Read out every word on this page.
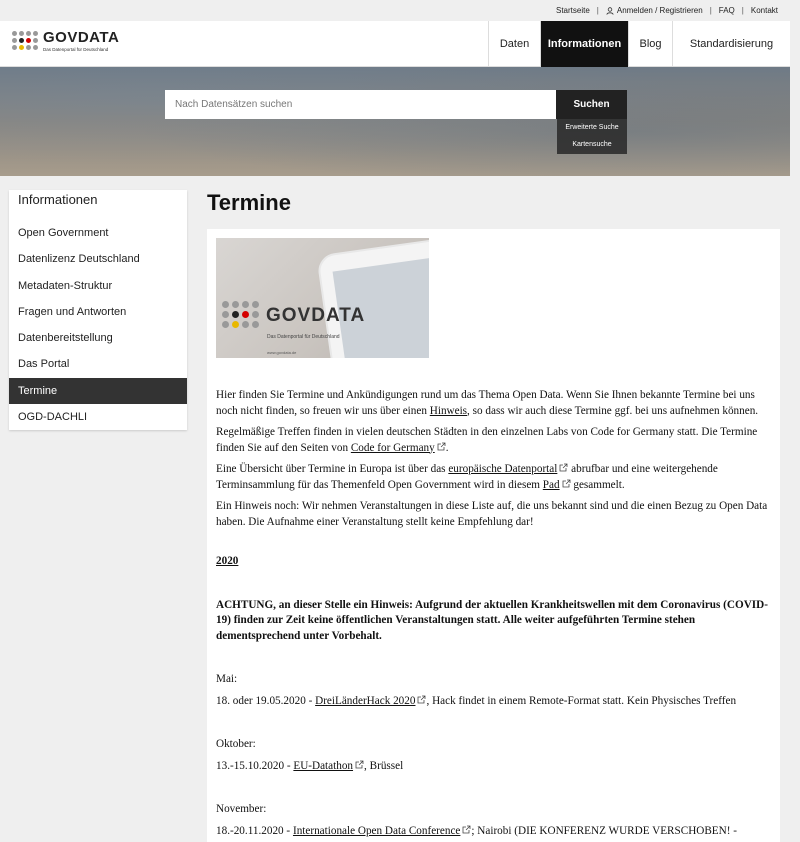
Startseite |	Anmelden / Registrieren | FAQ | Kontakt
GOVDATA
Das Datenportal für Deutschland	Daten	Informationen	Blog	Standardisierung
Nach Datensätzen suchen	Suchen
Erweiterte Suche
Kartensuche
Informationen
Open Government
Datenlizenz Deutschland
Metadaten-Struktur
Fragen und Antworten
Datenbereitstellung
Das Portal
Termine
OGD-DACHLI
Termine
GOVDATA
Das Datenportal für Deutschland
www.govdata.de

Hier finden Sie Termine und Ankündigungen rund um das Thema Open Data. Wenn Sie Ihnen bekannte Termine bei uns noch nicht finden, so freuen wir uns über einen Hinweis, so dass wir auch diese Termine ggf. bei uns aufnehmen können.

Regelmäßige Treffen finden in vielen deutschen Städten in den einzelnen Labs von Code for Germany statt. Die Termine finden Sie auf den Seiten von Code for Germany .

Eine Übersicht über Termine in Europa ist über das europäische Datenportal abrufbar und eine weitergehende Terminsammlung für das Themenfeld Open Government wird in diesem Pad gesammelt.

Ein Hinweis noch: Wir nehmen Veranstaltungen in diese Liste auf, die uns bekannt sind und die einen Bezug zu Open Data haben. Die Aufnahme einer Veranstaltung stellt keine Empfehlung dar!

2020

ACHTUNG, an dieser Stelle ein Hinweis: Aufgrund der aktuellen Krankheitswellen mit dem Coronavirus (COVID-19) finden zur Zeit keine öffentlichen Veranstaltungen statt. Alle weiter aufgeführten Termine stehen dementsprechend unter Vorbehalt.

Mai:

18. oder 19.05.2020 - DreiLänderHack 2020 , Hack findet in einem Remote-Format statt. Kein Physisches Treffen

Oktober:

13.-15.10.2020 - EU-Datathon , Brüssel

November:

18.-20.11.2020 - Internationale Open Data Conference ; Nairobi (DIE KONFERENZ WURDE VERSCHOBEN! -
